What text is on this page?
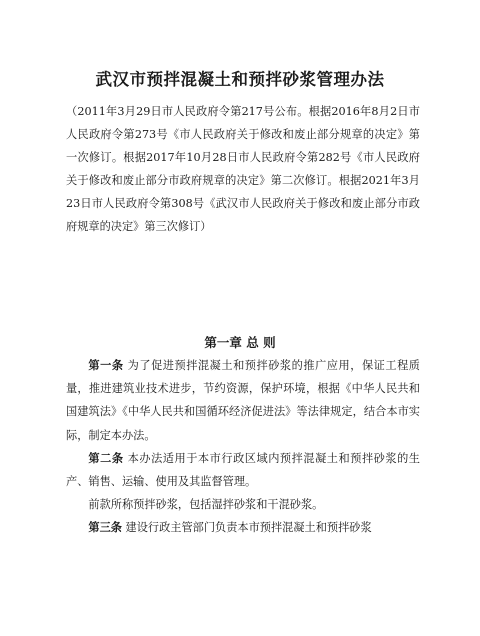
武汉市预拌混凝土和预拌砂浆管理办法
（2011年3月29日市人民政府令第217号公布。根据2016年8月2日市人民政府令第273号《市人民政府关于修改和废止部分规章的决定》第一次修订。根据2017年10月28日市人民政府令第282号《市人民政府关于修改和废止部分市政府规章的决定》第二次修订。根据2021年3月23日市人民政府令第308号《武汉市人民政府关于修改和废止部分市政府规章的决定》第三次修订）
第一章 总 则

第一条 为了促进预拌混凝土和预拌砂浆的推广应用，保证工程质量，推进建筑业技术进步，节约资源，保护环境，根据《中华人民共和国建筑法》《中华人民共和国循环经济促进法》等法律规定，结合本市实际，制定本办法。

第二条 本办法适用于本市行政区域内预拌混凝土和预拌砂浆的生产、销售、运输、使用及其监督管理。

前款所称预拌砂浆，包括湿拌砂浆和干混砂浆。

第三条 建设行政主管部门负责本市预拌混凝土和预拌砂浆
